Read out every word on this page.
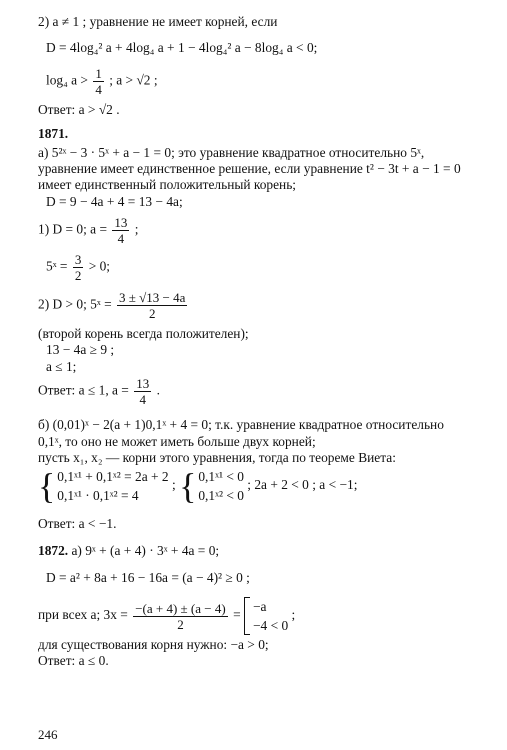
2) a ≠ 1 ; уравнение не имеет корней, если
D = 4log₄² a + 4log₄ a + 1 − 4log₄² a − 8log₄ a < 0;
log₄ $a > \frac{1}{4}$ ; a > √2 ;
Ответ: a > √2 .
1871.
а) 5²ˣ − 3 · 5ˣ + a − 1 = 0; это уравнение квадратное относительно 5ˣ,
уравнение имеет единственное решение, если уравнение t² − 3t + a − 1 = 0
имеет единственный положительный корень;
D = 9 − 4a + 4 = 13 − 4a;
1) D = 0; $a = \frac{13}{4}$ ;
5ˣ = $\frac{3}{2} > 0$;
2) D > 0; 5ˣ = $\frac{3 \pm √13 - 4a}{2}$
(второй корень всегда положителен);
13 − 4a ≥ 9 ;
a ≤ 1;
Ответ: a ≤ 1, $a = \frac{13}{4}$ .
б) (0,01)ˣ − 2(a + 1)0,1ˣ + 4 = 0; т.к. уравнение квадратное относительно
0,1ˣ, то оно не может иметь больше двух корней;
пусть x₁, x₂ — корни этого уравнения, тогда по теореме Виета:
{ 0,1ˣ¹ + 0,1ˣ² = 2a + 2
0,1ˣ¹ · 0,1ˣ² = 4
; { 0,1ˣ¹ < 0
0,1ˣ² < 0
; 2a + 2 < 0 ; a < −1;
Ответ: a < −1.
1872. а) 9ˣ + (a + 4) · 3ˣ + 4a = 0;
D = a² + 8a + 16 − 16a = (a − 4)² ≥ 0 ;
при всех a; $3x = \frac{-(a + 4) \pm (a - 4)}{2}$ =
−a
−4 < 0
;
для существования корня нужно: −a > 0;
Ответ: a ≤ 0.
246
